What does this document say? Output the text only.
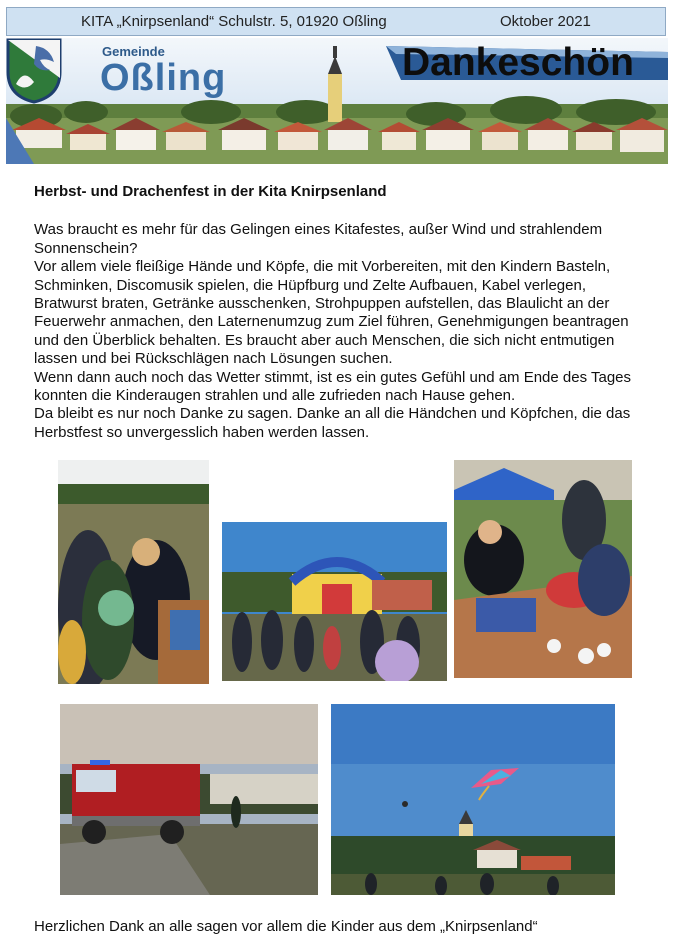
KITA „Knirpsenland“ Schulstr. 5, 01920 Oßling	Oktober 2021
Gemeinde
Oßling	Dankeschön
Herbst- und Drachenfest in der Kita Knirpsenland

Was braucht es mehr für das Gelingen eines Kitafestes, außer Wind und strahlendem Sonnenschein?

Vor allem viele fleißige Hände und Köpfe, die mit Vorbereiten, mit den Kindern Basteln, Schminken, Discomusik spielen, die Hüpfburg und Zelte Aufbauen, Kabel verlegen, Bratwurst braten, Getränke ausschenken, Strohpuppen aufstellen, das Blaulicht an der Feuerwehr anmachen, den Laternenumzug zum Ziel führen, Genehmigungen beantragen und den Überblick behalten. Es braucht aber auch Menschen, die sich nicht entmutigen lassen und bei Rückschlägen nach Lösungen suchen.

Wenn dann auch noch das Wetter stimmt, ist es ein gutes Gefühl und am Ende des Tages konnten die Kinderaugen strahlen und alle zufrieden nach Hause gehen.

Da bleibt es nur noch Danke zu sagen. Danke an all die Händchen und Köpfchen, die das Herbstfest so unvergesslich haben werden lassen.

Herzlichen Dank an alle sagen vor allem die Kinder aus dem „Knirpsenland“
